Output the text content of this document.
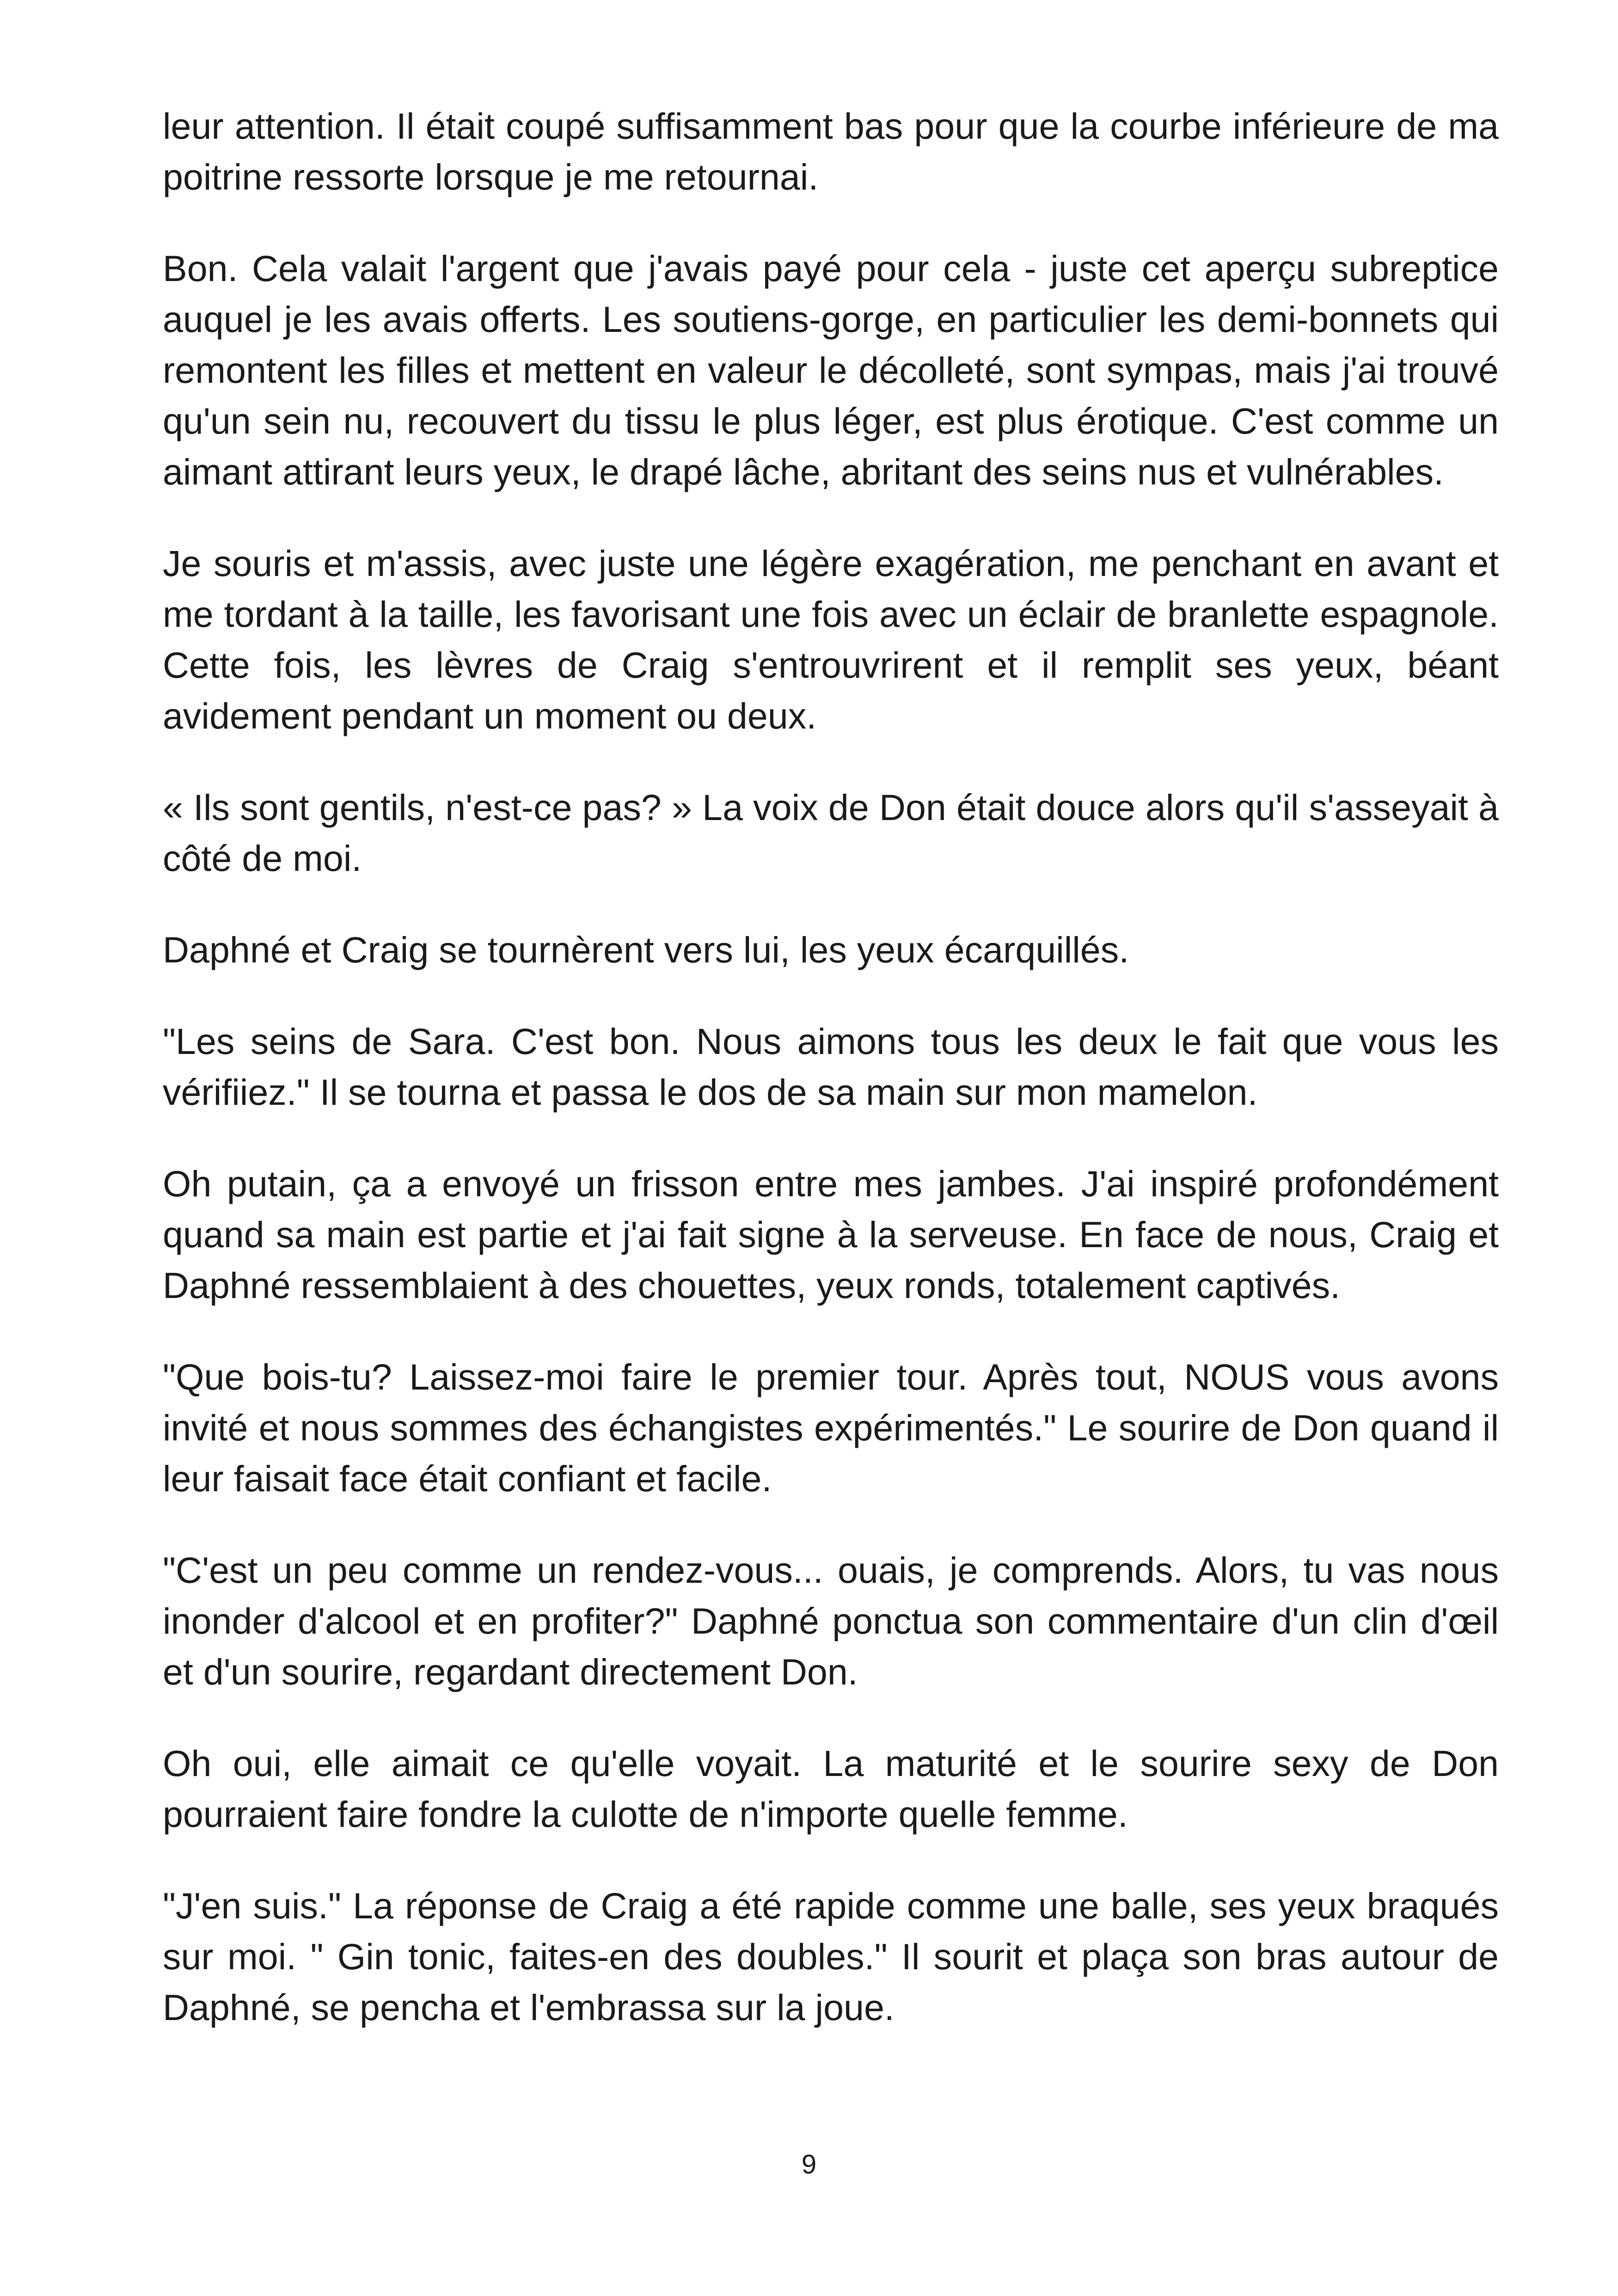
leur attention. Il était coupé suffisamment bas pour que la courbe inférieure de ma poitrine ressorte lorsque je me retournai.

Bon. Cela valait l'argent que j'avais payé pour cela - juste cet aperçu subreptice auquel je les avais offerts. Les soutiens-gorge, en particulier les demi-bonnets qui remontent les filles et mettent en valeur le décolleté, sont sympas, mais j'ai trouvé qu'un sein nu, recouvert du tissu le plus léger, est plus érotique. C'est comme un aimant attirant leurs yeux, le drapé lâche, abritant des seins nus et vulnérables.

Je souris et m'assis, avec juste une légère exagération, me penchant en avant et me tordant à la taille, les favorisant une fois avec un éclair de branlette espagnole. Cette fois, les lèvres de Craig s'entrouvrirent et il remplit ses yeux, béant avidement pendant un moment ou deux.

« Ils sont gentils, n'est-ce pas? » La voix de Don était douce alors qu'il s'asseyait à côté de moi.

Daphné et Craig se tournèrent vers lui, les yeux écarquillés.

"Les seins de Sara. C'est bon. Nous aimons tous les deux le fait que vous les vérifiiez." Il se tourna et passa le dos de sa main sur mon mamelon.

Oh putain, ça a envoyé un frisson entre mes jambes. J'ai inspiré profondément quand sa main est partie et j'ai fait signe à la serveuse. En face de nous, Craig et Daphné ressemblaient à des chouettes, yeux ronds, totalement captivés.

"Que bois-tu? Laissez-moi faire le premier tour. Après tout, NOUS vous avons invité et nous sommes des échangistes expérimentés." Le sourire de Don quand il leur faisait face était confiant et facile.

"C'est un peu comme un rendez-vous... ouais, je comprends. Alors, tu vas nous inonder d'alcool et en profiter?" Daphné ponctua son commentaire d'un clin d'œil et d'un sourire, regardant directement Don.

Oh oui, elle aimait ce qu'elle voyait. La maturité et le sourire sexy de Don pourraient faire fondre la culotte de n'importe quelle femme.

"J'en suis." La réponse de Craig a été rapide comme une balle, ses yeux braqués sur moi. " Gin tonic, faites-en des doubles." Il sourit et plaça son bras autour de Daphné, se pencha et l'embrassa sur la joue.

9
